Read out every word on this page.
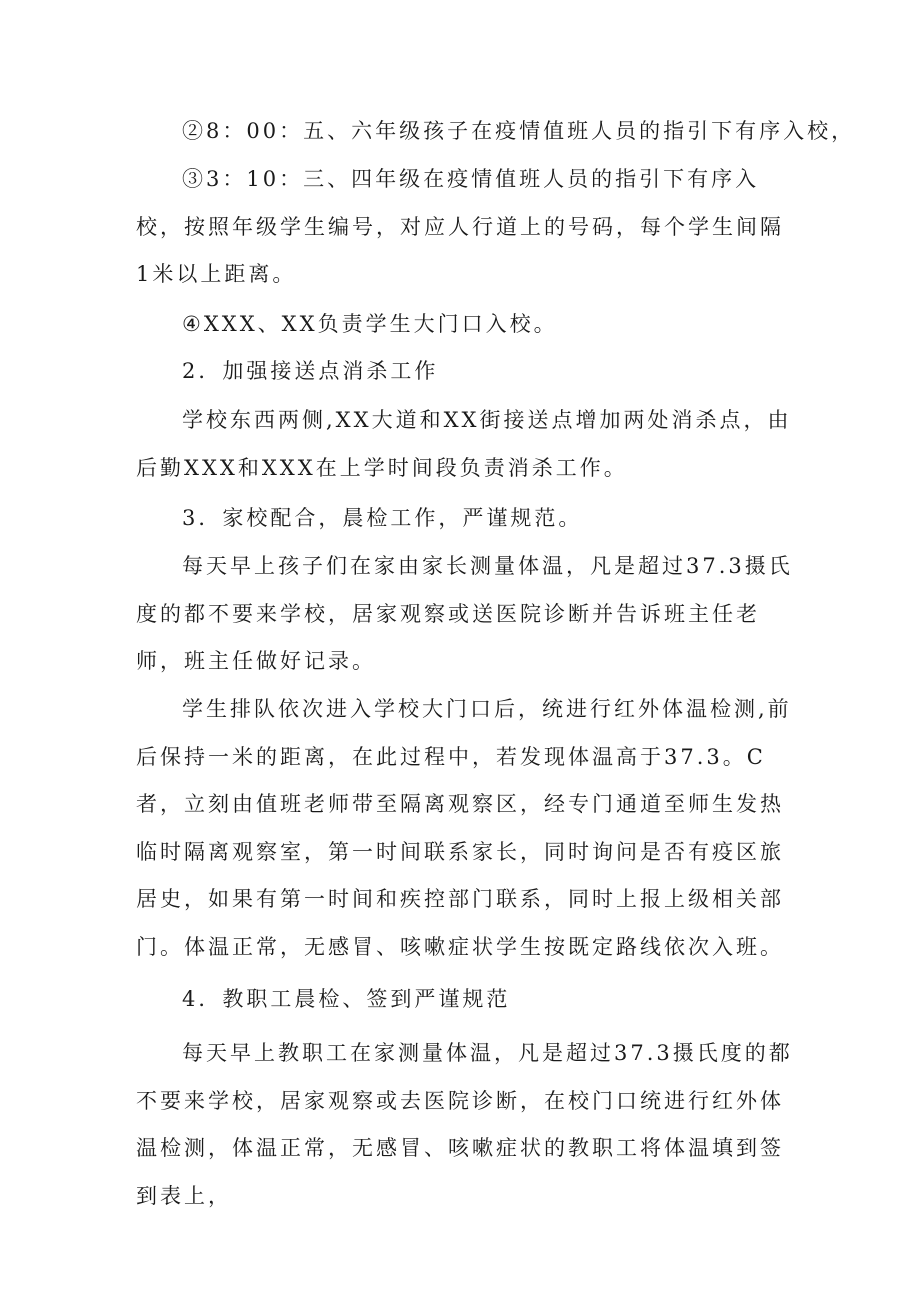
②8：00：五、六年级孩子在疫情值班人员的指引下有序入校，

③3：10：三、四年级在疫情值班人员的指引下有序入校，按照年级学生编号，对应人行道上的号码，每个学生间隔1米以上距离。

④XXX、XX负责学生大门口入校。

2．加强接送点消杀工作

学校东西两侧,XX大道和XX街接送点增加两处消杀点，由后勤XXX和XXX在上学时间段负责消杀工作。

3．家校配合，晨检工作，严谨规范。

每天早上孩子们在家由家长测量体温，凡是超过37.3摄氏度的都不要来学校，居家观察或送医院诊断并告诉班主任老师，班主任做好记录。

学生排队依次进入学校大门口后，统进行红外体温检测,前后保持一米的距离，在此过程中，若发现体温高于37.3。C者，立刻由值班老师带至隔离观察区，经专门通道至师生发热临时隔离观察室，第一时间联系家长，同时询问是否有疫区旅居史，如果有第一时间和疾控部门联系，同时上报上级相关部门。体温正常，无感冒、咳嗽症状学生按既定路线依次入班。

4．教职工晨检、签到严谨规范

每天早上教职工在家测量体温，凡是超过37.3摄氏度的都不要来学校，居家观察或去医院诊断，在校门口统进行红外体温检测，体温正常，无感冒、咳嗽症状的教职工将体温填到签到表上，
